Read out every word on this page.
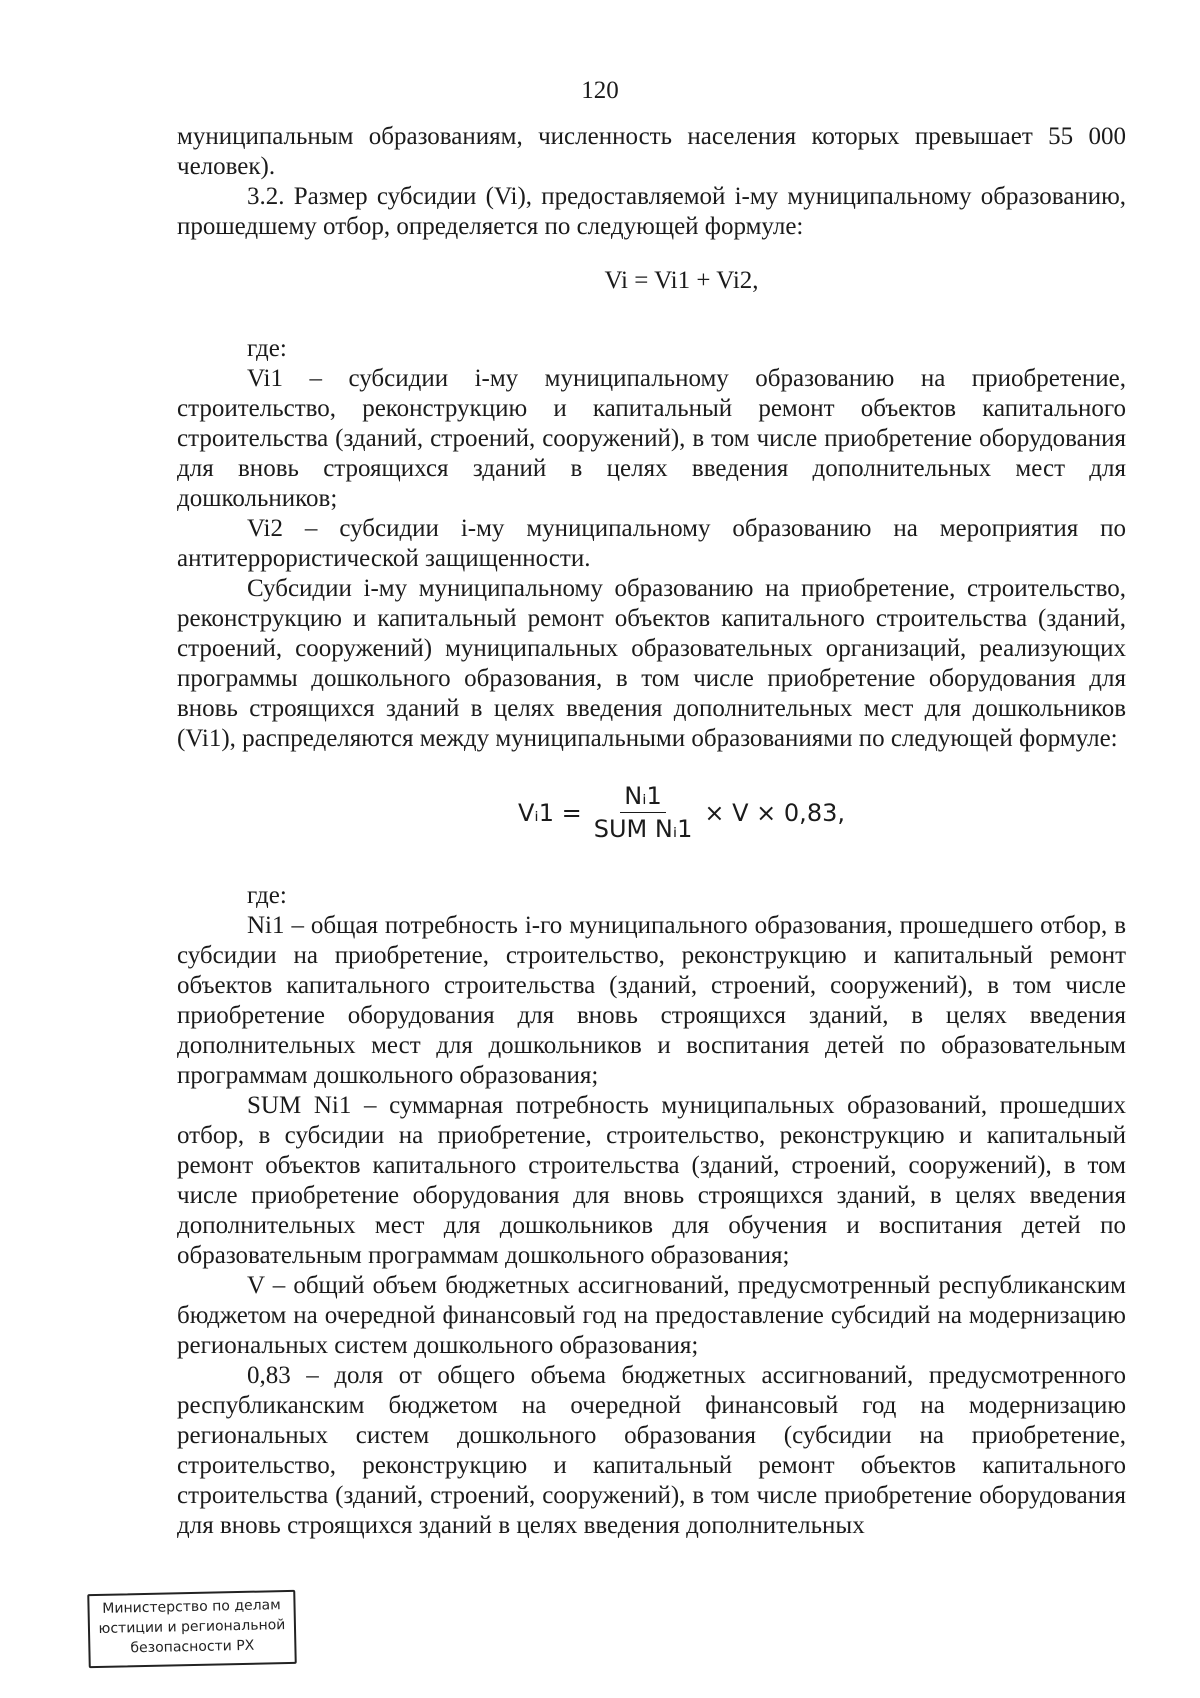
120

муниципальным образованиям, численность населения которых превышает 55 000 человек).

3.2. Размер субсидии (Vi), предоставляемой i-му муниципальному образованию, прошедшему отбор, определяется по следующей формуле:

Vi = Vi1 + Vi2,

где:

Vi1 – субсидии i-му муниципальному образованию на приобретение, строительство, реконструкцию и капитальный ремонт объектов капитального строительства (зданий, строений, сооружений), в том числе приобретение оборудования для вновь строящихся зданий в целях введения дополнительных мест для дошкольников;

Vi2 – субсидии i-му муниципальному образованию на мероприятия по антитеррористической защищенности.

Субсидии i-му муниципальному образованию на приобретение, строительство, реконструкцию и капитальный ремонт объектов капитального строительства (зданий, строений, сооружений) муниципальных образовательных организаций, реализующих программы дошкольного образования, в том числе приобретение оборудования для вновь строящихся зданий в целях введения дополнительных мест для дошкольников (Vi1), распределяются между муниципальными образованиями по следующей формуле:

Vᵢ1 = $\frac{\text{Nᵢ1}}{\text{SUM Nᵢ1}} \times V \times 0,83$,

где:

Ni1 – общая потребность i-го муниципального образования, прошедшего отбор, в субсидии на приобретение, строительство, реконструкцию и капитальный ремонт объектов капитального строительства (зданий, строений, сооружений), в том числе приобретение оборудования для вновь строящихся зданий, в целях введения дополнительных мест для дошкольников и воспитания детей по образовательным программам дошкольного образования;

SUM Ni1 – суммарная потребность муниципальных образований, прошедших отбор, в субсидии на приобретение, строительство, реконструкцию и капитальный ремонт объектов капитального строительства (зданий, строений, сооружений), в том числе приобретение оборудования для вновь строящихся зданий, в целях введения дополнительных мест для дошкольников для обучения и воспитания детей по образовательным программам дошкольного образования;

V – общий объем бюджетных ассигнований, предусмотренный республиканским бюджетом на очередной финансовый год на предоставление субсидий на модернизацию региональных систем дошкольного образования;

0,83 – доля от общего объема бюджетных ассигнований, предусмотренного республиканским бюджетом на очередной финансовый год на модернизацию региональных систем дошкольного образования (субсидии на приобретение, строительство, реконструкцию и капитальный ремонт объектов капитального строительства (зданий, строений, сооружений), в том числе приобретение оборудования для вновь строящихся зданий в целях введения дополнительных

Министерство по делам
юстиции и региональной
безопасности РХ
